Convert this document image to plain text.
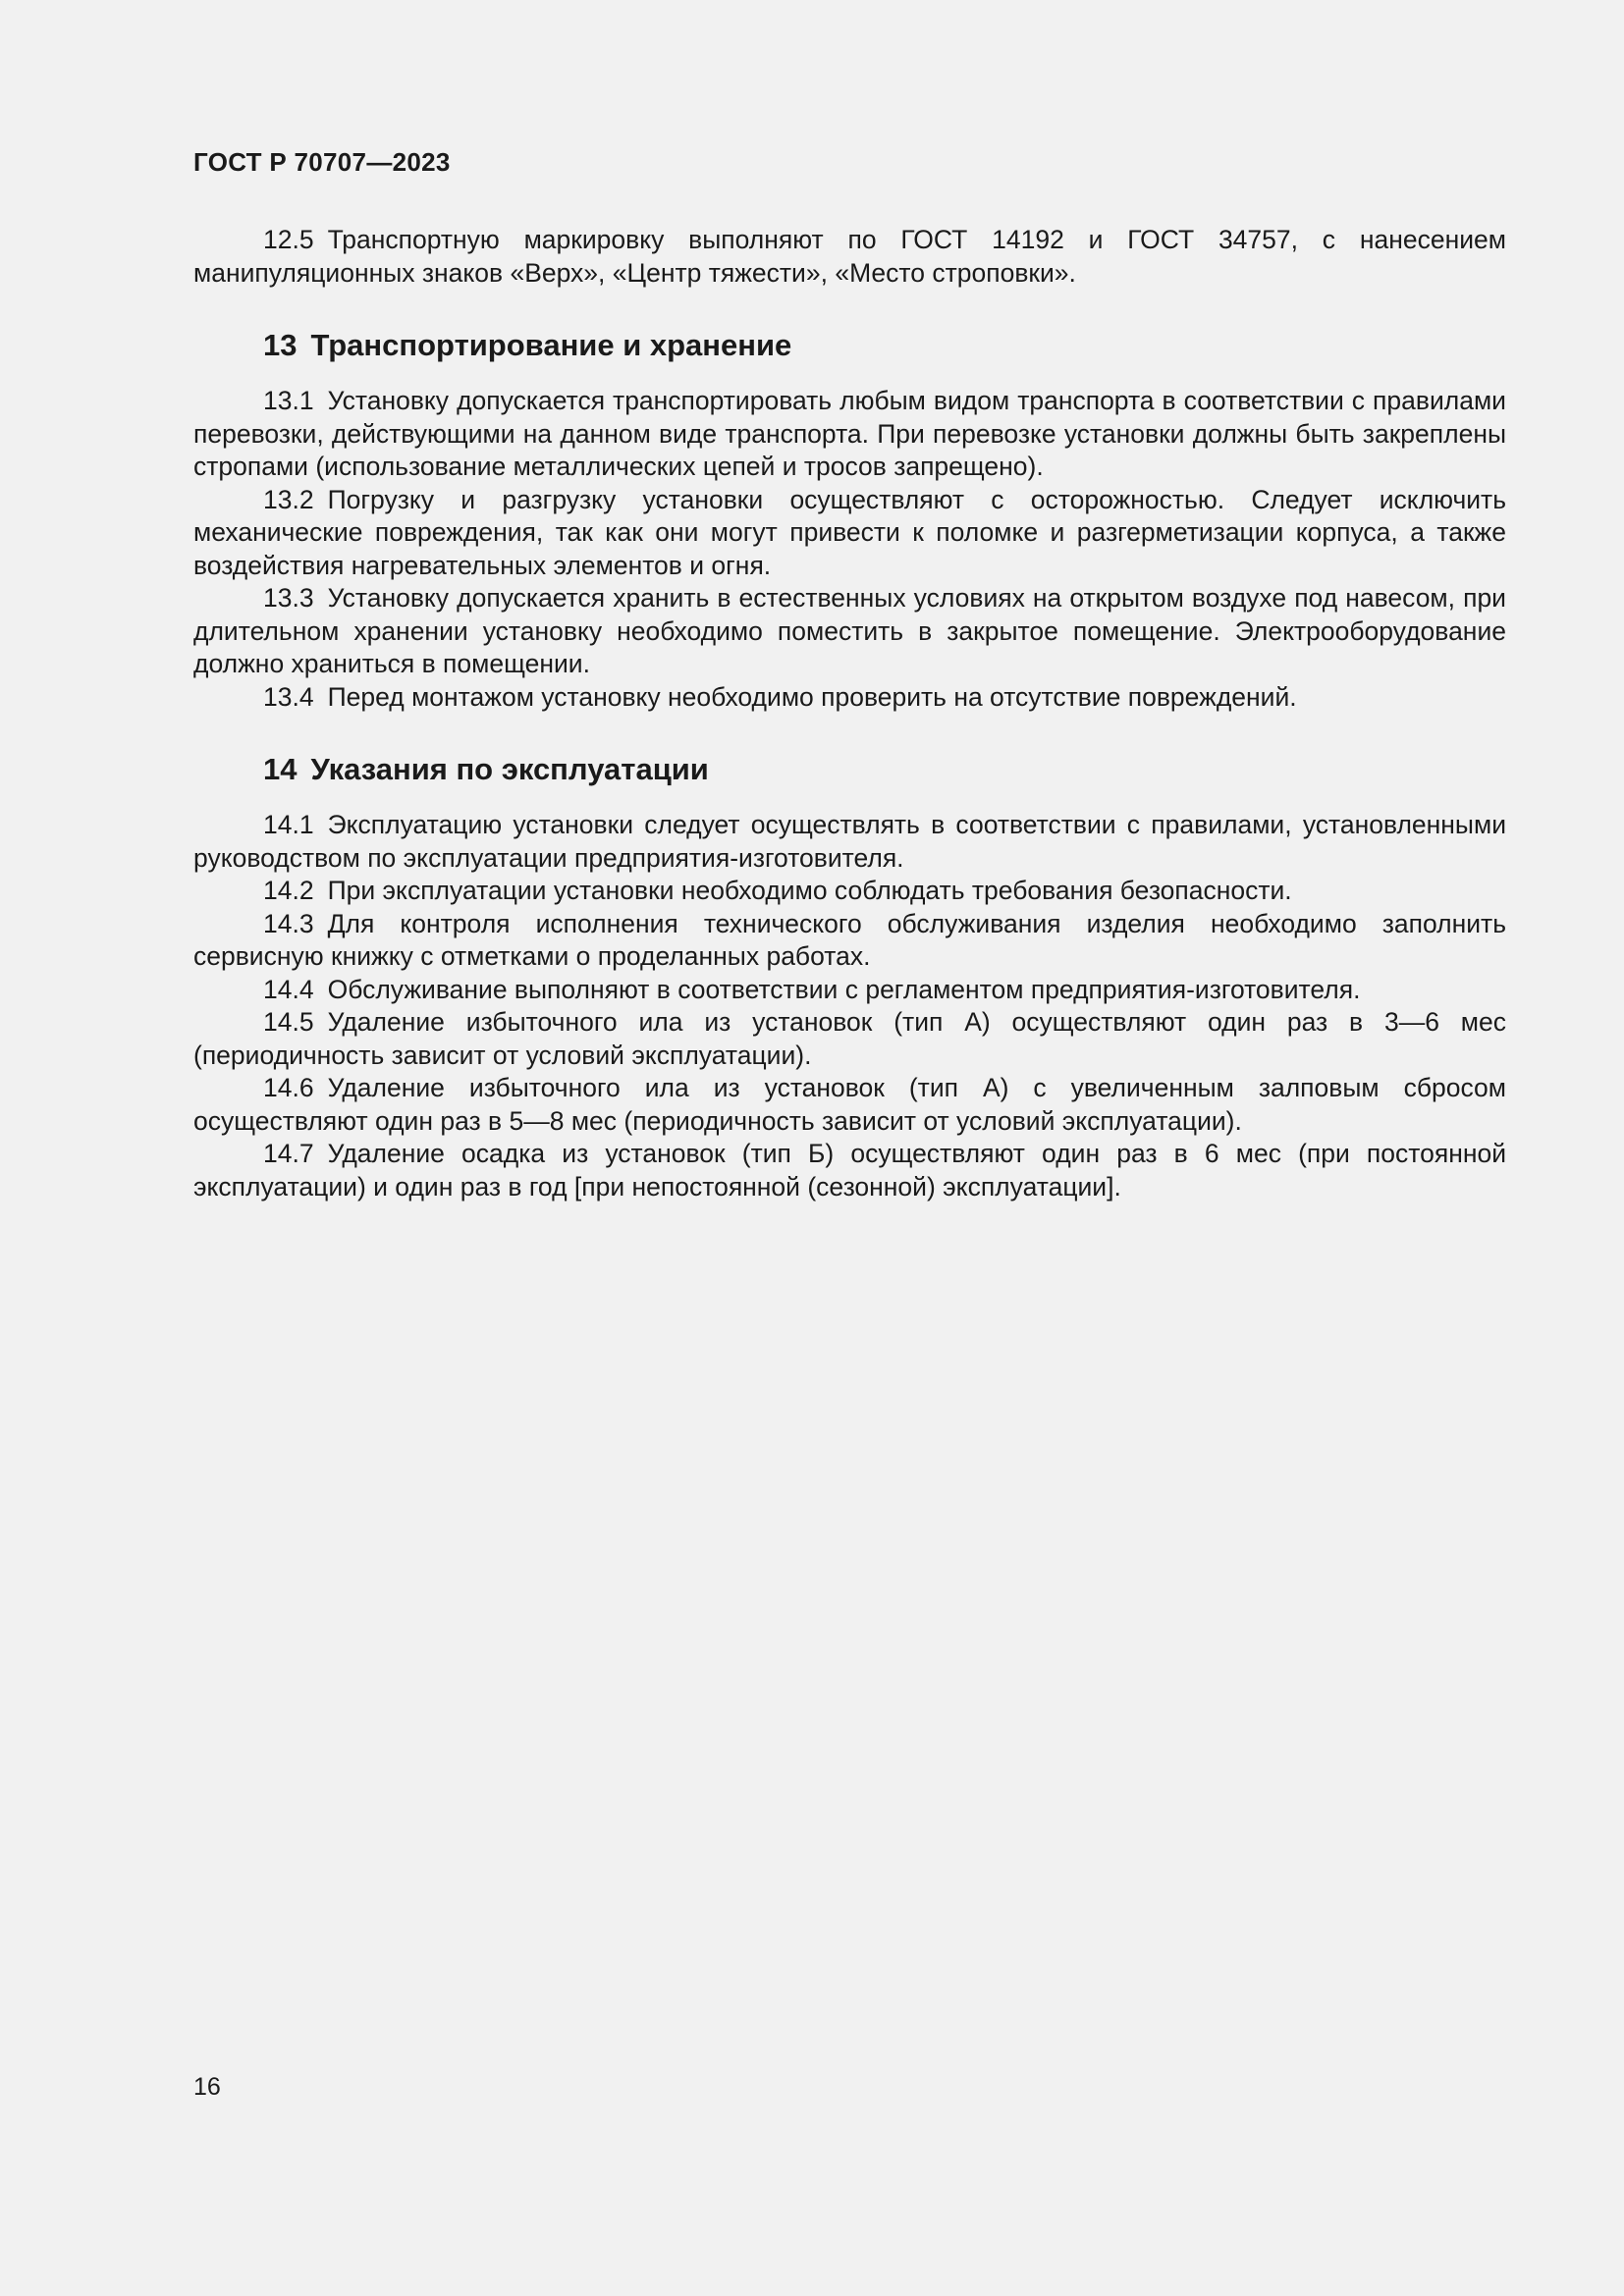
ГОСТ Р 70707—2023

12.5 Транспортную маркировку выполняют по ГОСТ 14192 и ГОСТ 34757, с нанесением манипуляционных знаков «Верх», «Центр тяжести», «Место строповки».

13 Транспортирование и хранение

13.1 Установку допускается транспортировать любым видом транспорта в соответствии с правилами перевозки, действующими на данном виде транспорта. При перевозке установки должны быть закреплены стропами (использование металлических цепей и тросов запрещено).

13.2 Погрузку и разгрузку установки осуществляют с осторожностью. Следует исключить механические повреждения, так как они могут привести к поломке и разгерметизации корпуса, а также воздействия нагревательных элементов и огня.

13.3 Установку допускается хранить в естественных условиях на открытом воздухе под навесом, при длительном хранении установку необходимо поместить в закрытое помещение. Электрооборудование должно храниться в помещении.

13.4 Перед монтажом установку необходимо проверить на отсутствие повреждений.

14 Указания по эксплуатации

14.1 Эксплуатацию установки следует осуществлять в соответствии с правилами, установленными руководством по эксплуатации предприятия-изготовителя.

14.2 При эксплуатации установки необходимо соблюдать требования безопасности.

14.3 Для контроля исполнения технического обслуживания изделия необходимо заполнить сервисную книжку с отметками о проделанных работах.

14.4 Обслуживание выполняют в соответствии с регламентом предприятия-изготовителя.

14.5 Удаление избыточного ила из установок (тип А) осуществляют один раз в 3—6 мес (периодичность зависит от условий эксплуатации).

14.6 Удаление избыточного ила из установок (тип А) с увеличенным залповым сбросом осуществляют один раз в 5—8 мес (периодичность зависит от условий эксплуатации).

14.7 Удаление осадка из установок (тип Б) осуществляют один раз в 6 мес (при постоянной эксплуатации) и один раз в год [при непостоянной (сезонной) эксплуатации].

16
